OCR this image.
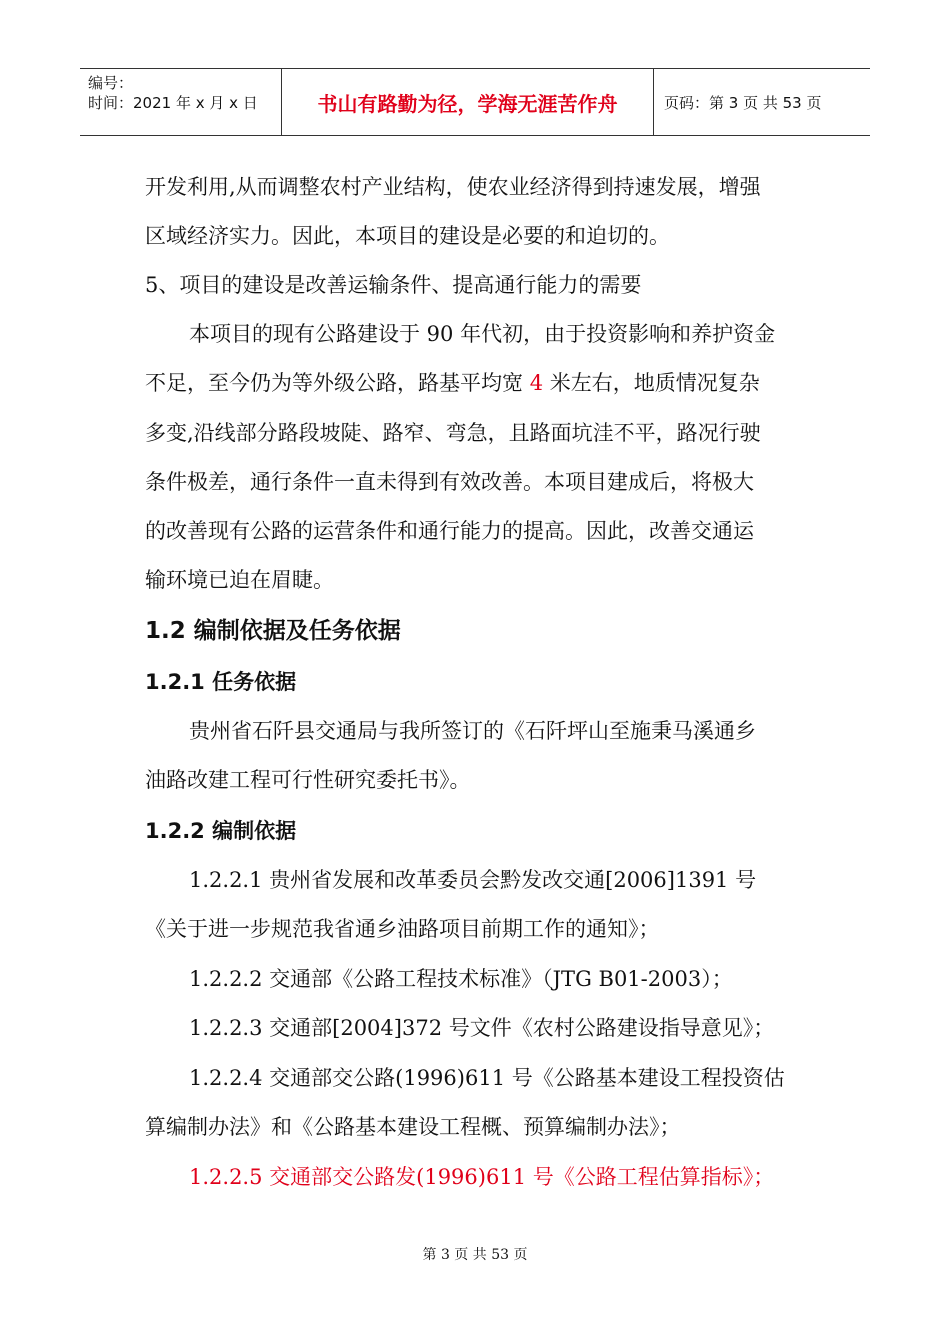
编号：
时间：2021 年 x 月 x 日	书山有路勤为径，学海无涯苦作舟	页码：第 3 页 共 53 页
开发利用,从而调整农村产业结构，使农业经济得到持速发展，增强
区域经济实力。因此，本项目的建设是必要的和迫切的。
5、项目的建设是改善运输条件、提高通行能力的需要
本项目的现有公路建设于 90 年代初，由于投资影响和养护资金
不足，至今仍为等外级公路，路基平均宽 4 米左右，地质情况复杂
多变,沿线部分路段坡陡、路窄、弯急，且路面坑洼不平，路况行驶
条件极差，通行条件一直未得到有效改善。本项目建成后，将极大
的改善现有公路的运营条件和通行能力的提高。因此，改善交通运
输环境已迫在眉睫。
1.2 编制依据及任务依据
1.2.1 任务依据
贵州省石阡县交通局与我所签订的《石阡坪山至施秉马溪通乡
油路改建工程可行性研究委托书》。
1.2.2 编制依据
1.2.2.1 贵州省发展和改革委员会黔发改交通[2006]1391 号
《关于进一步规范我省通乡油路项目前期工作的通知》；
1.2.2.2 交通部《公路工程技术标准》（JTG B01-2003）；
1.2.2.3 交通部[2004]372 号文件《农村公路建设指导意见》；
1.2.2.4 交通部交公路(1996)611 号《公路基本建设工程投资估
算编制办法》和《公路基本建设工程概、预算编制办法》；
1.2.2.5 交通部交公路发(1996)611 号《公路工程估算指标》；
第 3 页 共 53 页
